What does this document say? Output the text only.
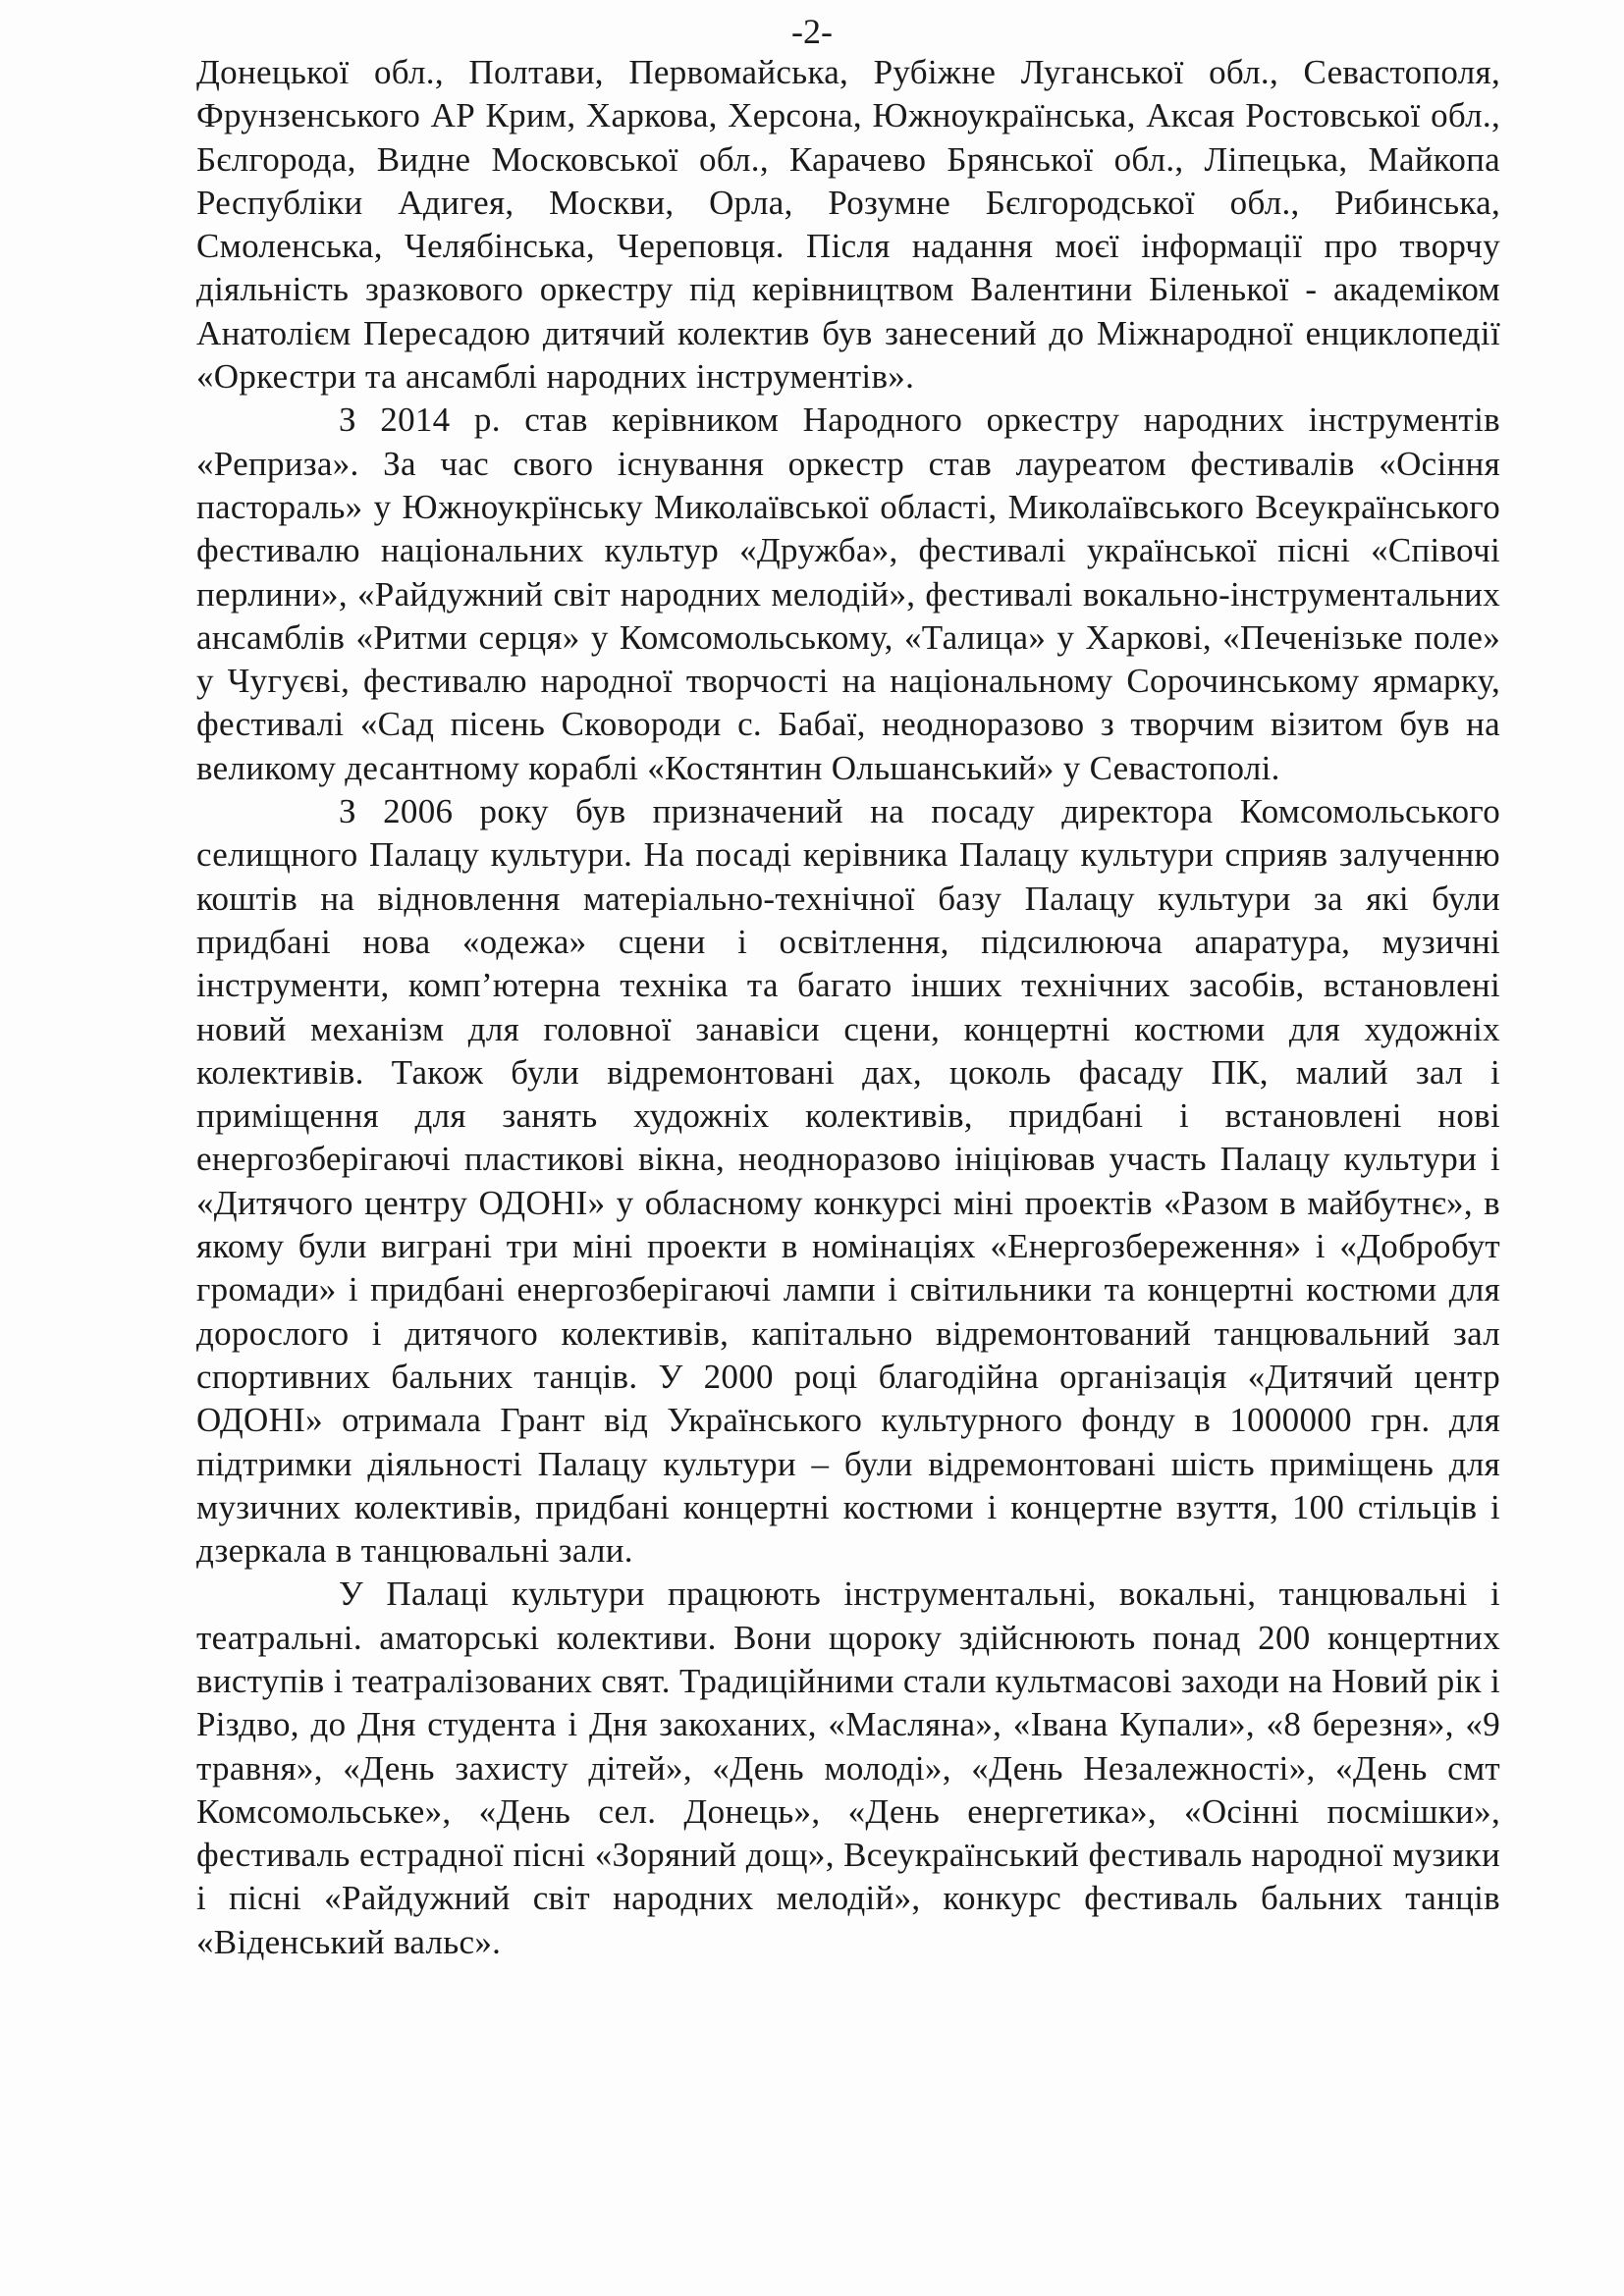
-2-

Донецької обл., Полтави, Первомайська, Рубіжне Луганської обл., Севастополя, Фрунзенського АР Крим, Харкова, Херсона, Южноукраїнська, Аксая Ростовської обл., Бєлгорода, Видне Московської обл., Карачево Брянської обл., Ліпецька, Майкопа Республіки Адигея, Москви, Орла, Розумне Бєлгородської обл., Рибинська, Смоленська, Челябінська, Череповця. Після надання моєї інформації про творчу діяльність зразкового оркестру під керівництвом Валентини Біленької - академіком Анатолієм Пересадою дитячий колектив був занесений до Міжнародної енциклопедії «Оркестри та ансамблі народних інструментів».

З 2014 р. став керівником Народного оркестру народних інструментів «Реприза». За час свого існування оркестр став лауреатом фестивалів «Осіння пастораль» у Южноукрїнську Миколаївської області, Миколаївського Всеукраїнського фестивалю національних культур «Дружба», фестивалі української пісні «Співочі перлини», «Райдужний світ народних мелодій», фестивалі вокально-інструментальних ансамблів «Ритми серця» у Комсомольському, «Талица» у Харкові, «Печенізьке поле» у Чугуєві, фестивалю народної творчості на національному Сорочинському ярмарку, фестивалі «Сад пісень Сковороди с. Бабаї, неодноразово з творчим візитом був на великому десантному кораблі «Костянтин Ольшанський» у Севастополі.

З 2006 року був призначений на посаду директора Комсомольського селищного Палацу культури. На посаді керівника Палацу культури сприяв залученню коштів на відновлення матеріально-технічної базу Палацу культури за які були придбані нова «одежа» сцени і освітлення, підсилююча апаратура, музичні інструменти, комп’ютерна техніка та багато інших технічних засобів, встановлені новий механізм для головної занавіси сцени, концертні костюми для художніх колективів. Також були відремонтовані дах, цоколь фасаду ПК, малий зал і приміщення для занять художніх колективів, придбані і встановлені нові енергозберігаючі пластикові вікна, неодноразово ініціював участь Палацу культури і «Дитячого центру ОДОНІ» у обласному конкурсі міні проектів «Разом в майбутнє», в якому були виграні три міні проекти в номінаціях «Енергозбереження» і «Добробут громади» і придбані енергозберігаючі лампи і світильники та концертні костюми для дорослого і дитячого колективів, капітально відремонтований танцювальний зал спортивних бальних танців. У 2000 році благодійна організація «Дитячий центр ОДОНІ» отримала Грант від Українського культурного фонду в 1000000 грн. для підтримки діяльності Палацу культури – були відремонтовані шість приміщень для музичних колективів, придбані концертні костюми і концертне взуття, 100 стільців і дзеркала в танцювальні зали.

У Палаці культури працюють інструментальні, вокальні, танцювальні і театральні. аматорські колективи. Вони щороку здійснюють понад 200 концертних виступів і театралізованих свят. Традиційними стали культмасові заходи на Новий рік і Різдво, до Дня студента і Дня закоханих, «Масляна», «Івана Купали», «8 березня», «9 травня», «День захисту дітей», «День молоді», «День Незалежності», «День смт Комсомольське», «День сел. Донець», «День енергетика», «Осінні посмішки», фестиваль естрадної пісні «Зоряний дощ», Всеукраїнський фестиваль народної музики і пісні «Райдужний світ народних мелодій», конкурс фестиваль бальних танців «Віденський вальс».
